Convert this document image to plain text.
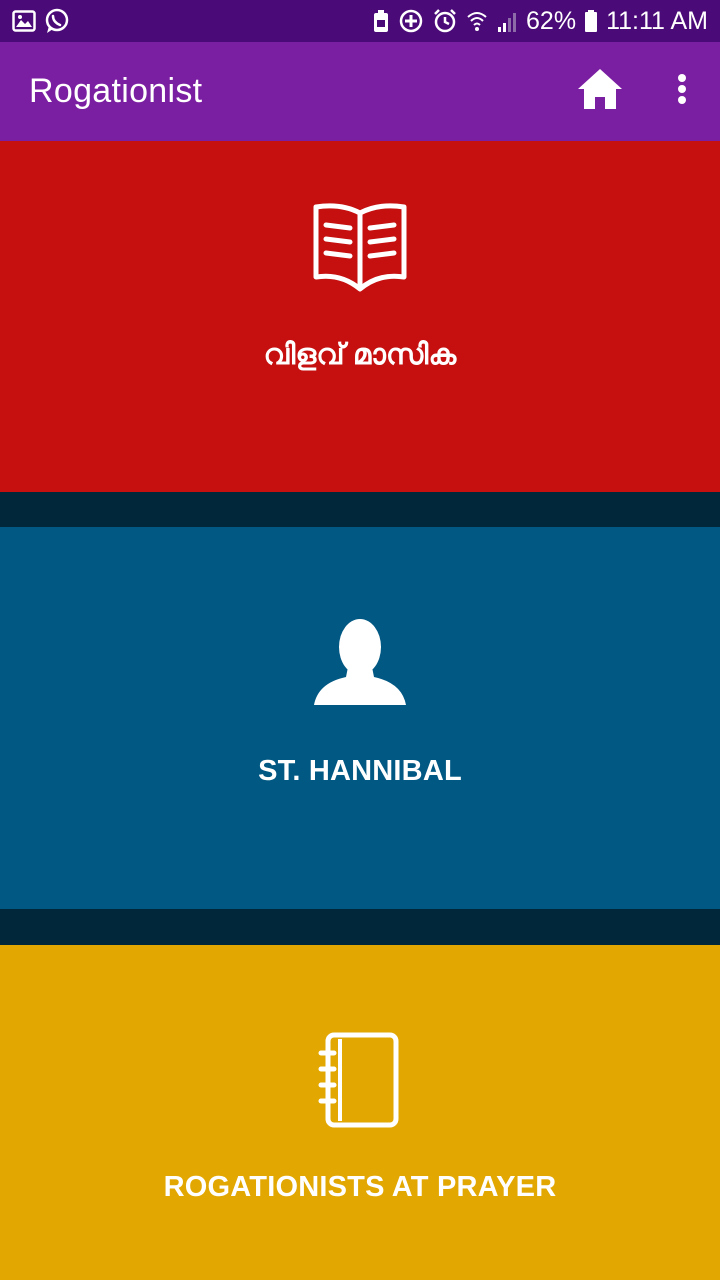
62% 11:11 AM
Rogationist
വിളവ് മാസിക
ST. HANNIBAL
ROGATIONISTS AT PRAYER
